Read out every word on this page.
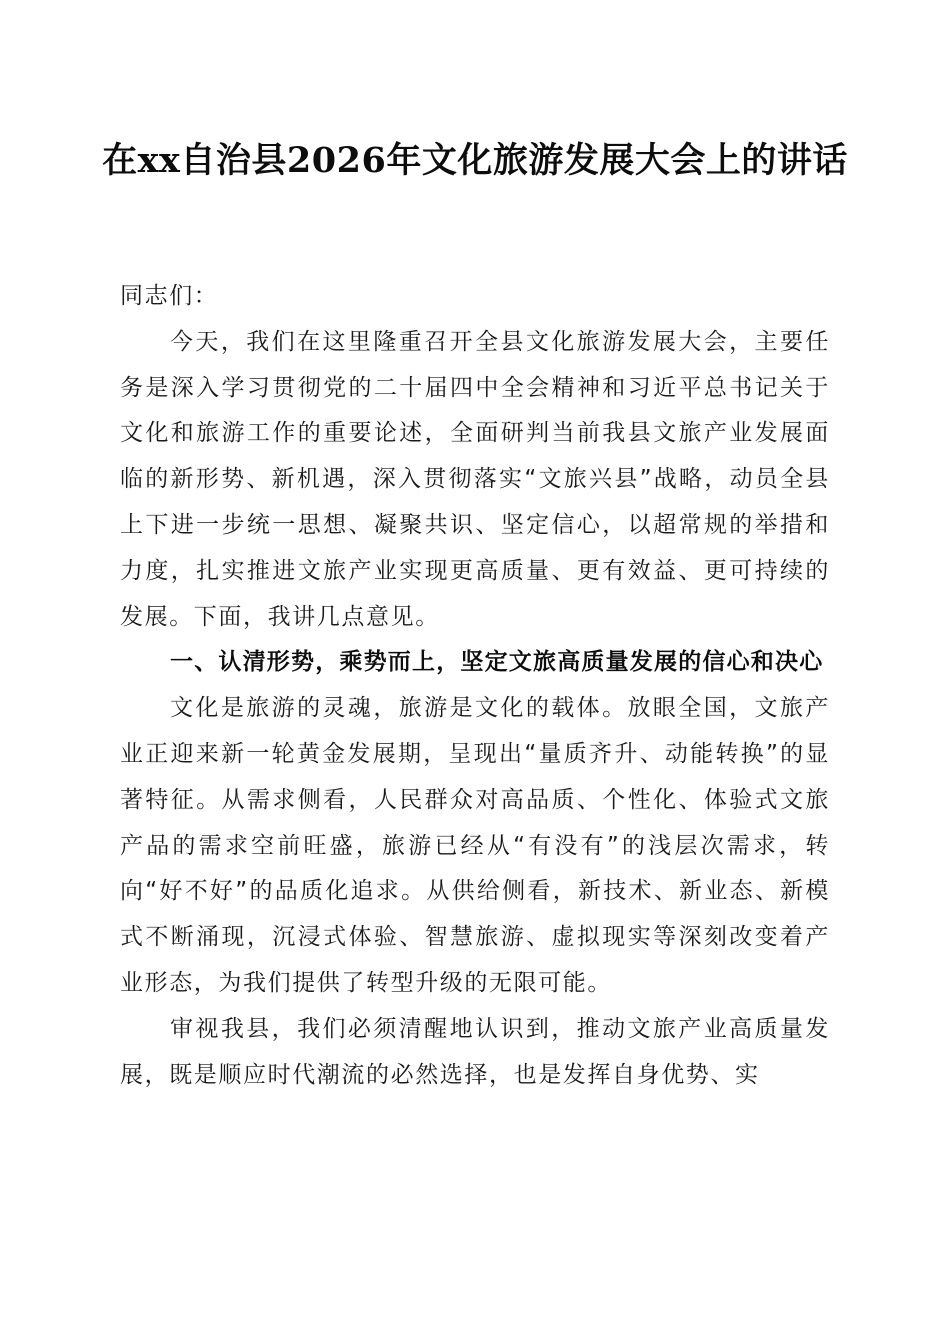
在xx自治县2026年文化旅游发展大会上的讲话

同志们：

今天，我们在这里隆重召开全县文化旅游发展大会，主要任务是深入学习贯彻党的二十届四中全会精神和习近平总书记关于文化和旅游工作的重要论述，全面研判当前我县文旅产业发展面临的新形势、新机遇，深入贯彻落实“文旅兴县”战略，动员全县上下进一步统一思想、凝聚共识、坚定信心，以超常规的举措和力度，扎实推进文旅产业实现更高质量、更有效益、更可持续的发展。下面，我讲几点意见。

一、认清形势，乘势而上，坚定文旅高质量发展的信心和决心

文化是旅游的灵魂，旅游是文化的载体。放眼全国，文旅产业正迎来新一轮黄金发展期，呈现出“量质齐升、动能转换”的显著特征。从需求侧看，人民群众对高品质、个性化、体验式文旅产品的需求空前旺盛，旅游已经从“有没有”的浅层次需求，转向“好不好”的品质化追求。从供给侧看，新技术、新业态、新模式不断涌现，沉浸式体验、智慧旅游、虚拟现实等深刻改变着产业形态，为我们提供了转型升级的无限可能。

审视我县，我们必须清醒地认识到，推动文旅产业高质量发展，既是顺应时代潮流的必然选择，也是发挥自身优势、实
